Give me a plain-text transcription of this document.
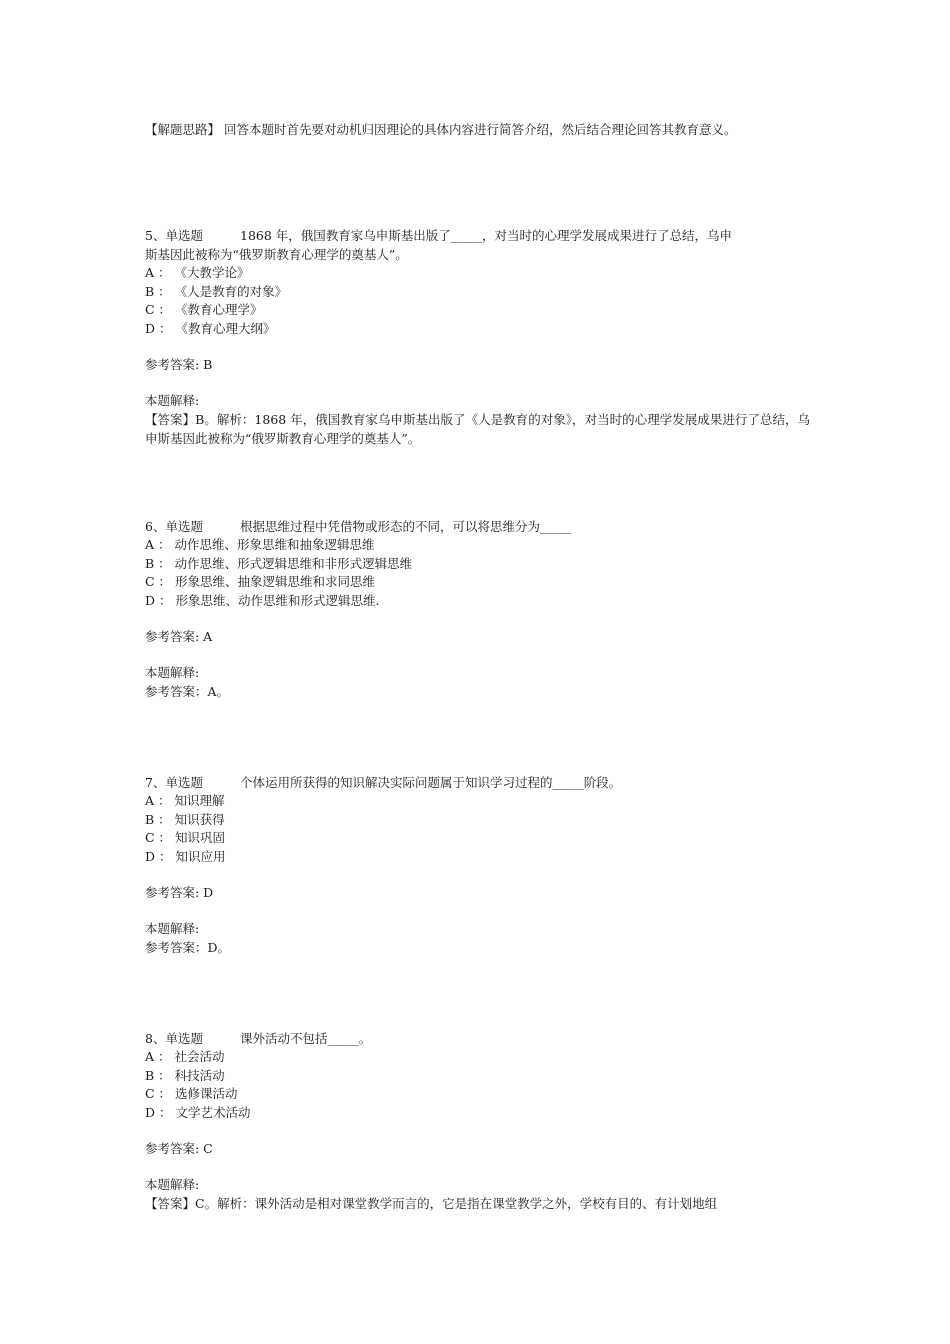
【解题思路】 回答本题时首先要对动机归因理论的具体内容进行简答介绍，然后结合理论回答其教育意义。
5、单选题	1868 年，俄国教育家乌申斯基出版了_____，对当时的心理学发展成果进行了总结，乌申
斯基因此被称为“俄罗斯教育心理学的奠基人”。
A ： 《大教学论》
B ： 《人是教育的对象》
C ： 《教育心理学》
D ： 《教育心理大纲》
参考答案: B
本题解释:
【答案】B。解析：1868 年，俄国教育家乌申斯基出版了《人是教育的对象》，对当时的心理学发展成果进行了总结，乌申斯基因此被称为“俄罗斯教育心理学的奠基人”。
6、单选题	根据思维过程中凭借物或形态的不同，可以将思维分为_____
A ： 动作思维、形象思维和抽象逻辑思维
B ： 动作思维、形式逻辑思维和非形式逻辑思维
C ： 形象思维、抽象逻辑思维和求同思维
D ： 形象思维、动作思维和形式逻辑思维.
参考答案: A
本题解释:
参考答案：A。
7、单选题	个体运用所获得的知识解决实际问题属于知识学习过程的_____阶段。
A ： 知识理解
B ： 知识获得
C ： 知识巩固
D ： 知识应用
参考答案: D
本题解释:
参考答案：D。
8、单选题	课外活动不包括_____。
A ： 社会活动
B ： 科技活动
C ： 选修课活动
D ： 文学艺术活动
参考答案: C
本题解释:
【答案】C。解析：课外活动是相对课堂教学而言的，它是指在课堂教学之外，学校有目的、有计划地组
